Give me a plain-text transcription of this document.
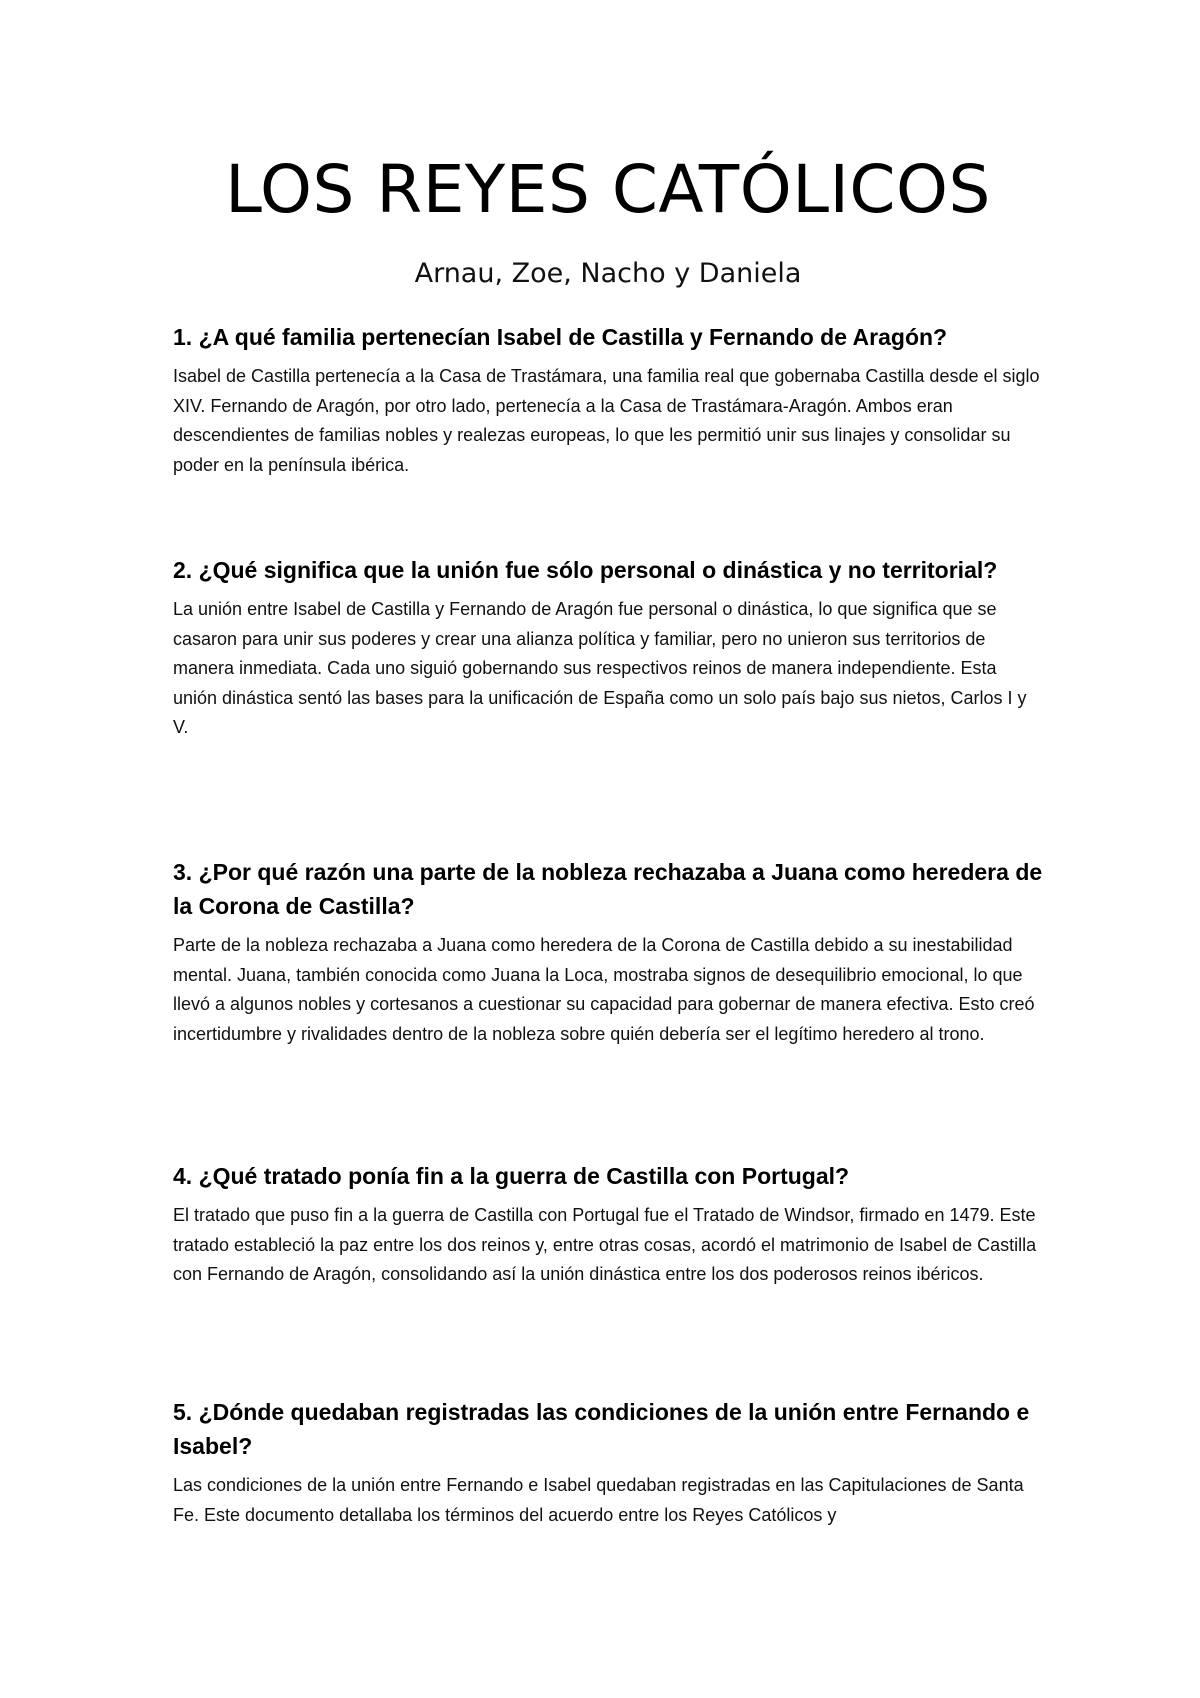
LOS REYES CATÓLICOS

Arnau, Zoe, Nacho y Daniela

1. ¿A qué familia pertenecían Isabel de Castilla y Fernando de Aragón?

Isabel de Castilla pertenecía a la Casa de Trastámara, una familia real que gobernaba Castilla desde el siglo XIV. Fernando de Aragón, por otro lado, pertenecía a la Casa de Trastámara-Aragón. Ambos eran descendientes de familias nobles y realezas europeas, lo que les permitió unir sus linajes y consolidar su poder en la península ibérica.

2. ¿Qué significa que la unión fue sólo personal o dinástica y no territorial?

La unión entre Isabel de Castilla y Fernando de Aragón fue personal o dinástica, lo que significa que se casaron para unir sus poderes y crear una alianza política y familiar, pero no unieron sus territorios de manera inmediata. Cada uno siguió gobernando sus respectivos reinos de manera independiente. Esta unión dinástica sentó las bases para la unificación de España como un solo país bajo sus nietos, Carlos I y V.

3. ¿Por qué razón una parte de la nobleza rechazaba a Juana como heredera de la Corona de Castilla?

Parte de la nobleza rechazaba a Juana como heredera de la Corona de Castilla debido a su inestabilidad mental. Juana, también conocida como Juana la Loca, mostraba signos de desequilibrio emocional, lo que llevó a algunos nobles y cortesanos a cuestionar su capacidad para gobernar de manera efectiva. Esto creó incertidumbre y rivalidades dentro de la nobleza sobre quién debería ser el legítimo heredero al trono.

4. ¿Qué tratado ponía fin a la guerra de Castilla con Portugal?

El tratado que puso fin a la guerra de Castilla con Portugal fue el Tratado de Windsor, firmado en 1479. Este tratado estableció la paz entre los dos reinos y, entre otras cosas, acordó el matrimonio de Isabel de Castilla con Fernando de Aragón, consolidando así la unión dinástica entre los dos poderosos reinos ibéricos.

5. ¿Dónde quedaban registradas las condiciones de la unión entre Fernando e Isabel?

Las condiciones de la unión entre Fernando e Isabel quedaban registradas en las Capitulaciones de Santa Fe. Este documento detallaba los términos del acuerdo entre los Reyes Católicos y
